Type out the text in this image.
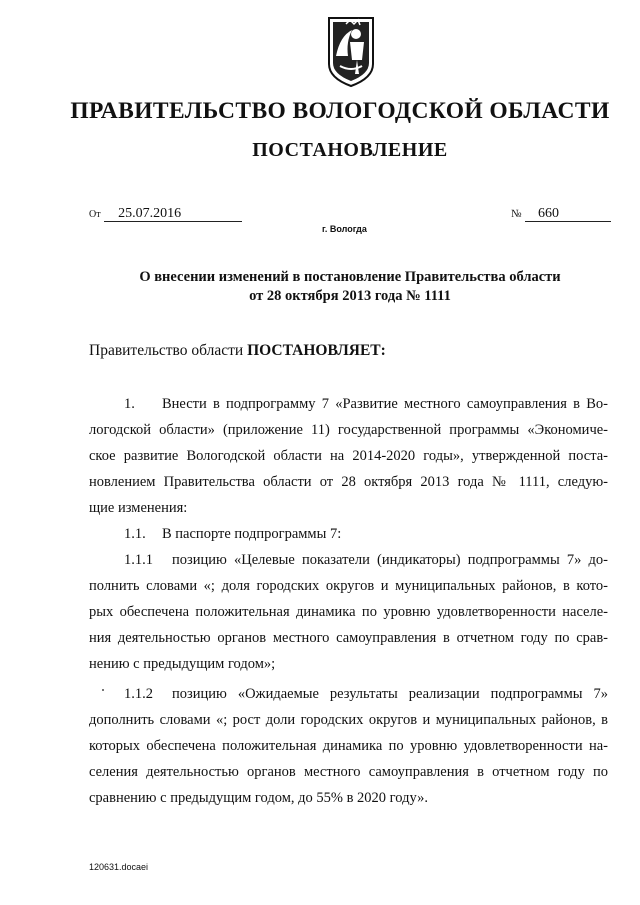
ПРАВИТЕЛЬСТВО ВОЛОГОДСКОЙ ОБЛАСТИ
ПОСТАНОВЛЕНИЕ
От 25.07.2016
г. Вологда
№ 660
О внесении изменений в постановление Правительства области
от 28 октября 2013 года № 1111
Правительство области ПОСТАНОВЛЯЕТ:
1. Внести в подпрограмму 7 «Развитие местного самоуправления в Во-
логодской области» (приложение 11) государственной программы «Экономиче-
ское развитие Вологодской области на 2014-2020 годы», утвержденной поста-
новлением Правительства области от 28 октября 2013 года № 1111, следую-
щие изменения:
1.1. В паспорте подпрограммы 7:
1.1.1 позицию «Целевые показатели (индикаторы) подпрограммы 7» до-
полнить словами «; доля городских округов и муниципальных районов, в кото-
рых обеспечена положительная динамика по уровню удовлетворенности населе-
ния деятельностью органов местного самоуправления в отчетном году по срав-
нению с предыдущим годом»;
1.1.2 позицию «Ожидаемые результаты реализации подпрограммы 7»
дополнить словами «; рост доли городских округов и муниципальных районов, в
которых обеспечена положительная динамика по уровню удовлетворенности на-
селения деятельностью органов местного самоуправления в отчетном году по
сравнению с предыдущим годом, до 55% в 2020 году».
120631.docaei
